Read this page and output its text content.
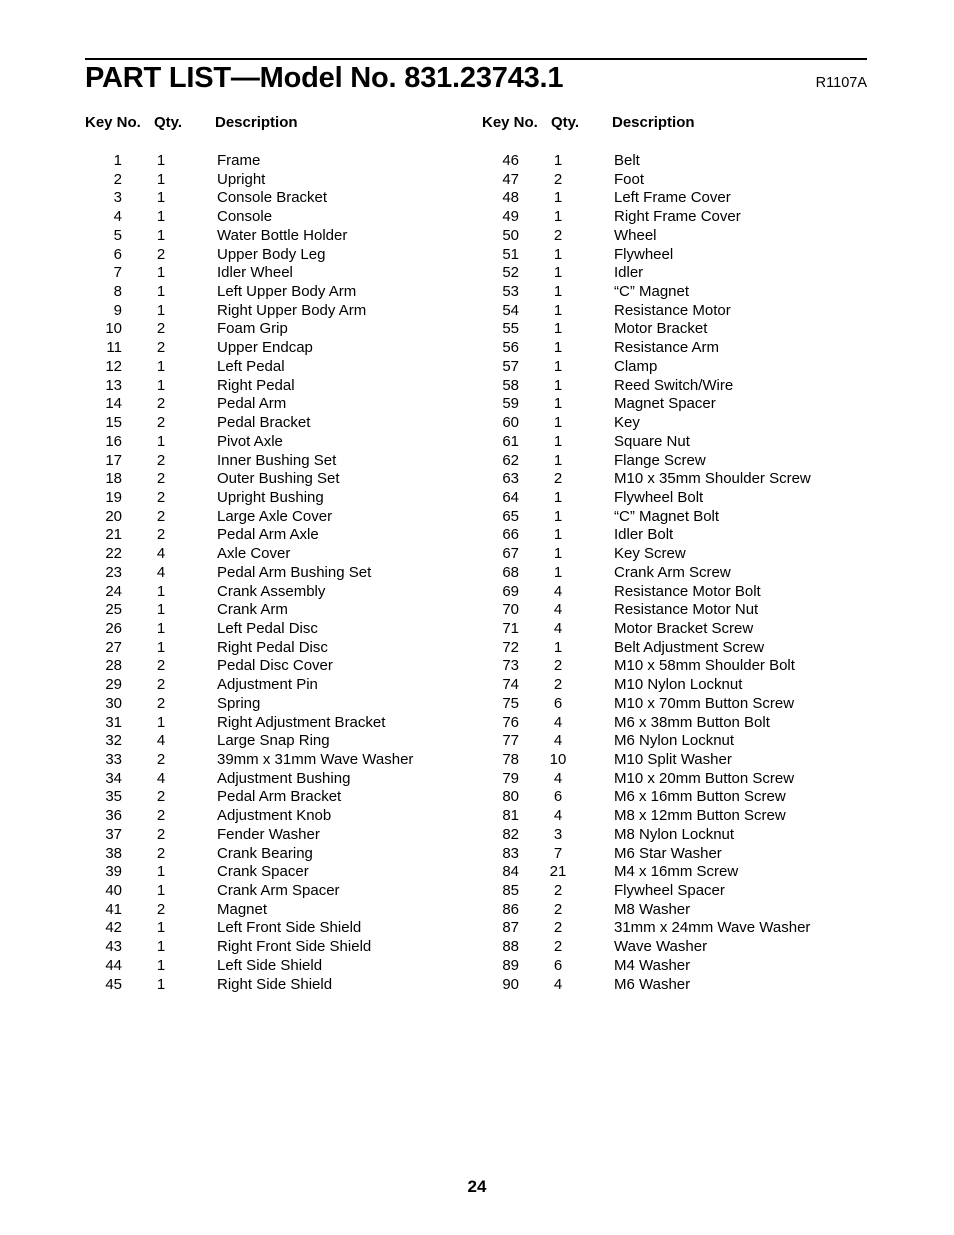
PART LIST—Model No. 831.23743.1	R1107A
Key No. Qty. Description
1	1	Frame
2	1	Upright
3	1	Console Bracket
4	1	Console
5	1	Water Bottle Holder
6	2	Upper Body Leg
7	1	Idler Wheel
8	1	Left Upper Body Arm
9	1	Right Upper Body Arm
10	2	Foam Grip
11	2	Upper Endcap
12	1	Left Pedal
13	1	Right Pedal
14	2	Pedal Arm
15	2	Pedal Bracket
16	1	Pivot Axle
17	2	Inner Bushing Set
18	2	Outer Bushing Set
19	2	Upright Bushing
20	2	Large Axle Cover
21	2	Pedal Arm Axle
22	4	Axle Cover
23	4	Pedal Arm Bushing Set
24	1	Crank Assembly
25	1	Crank Arm
26	1	Left Pedal Disc
27	1	Right Pedal Disc
28	2	Pedal Disc Cover
29	2	Adjustment Pin
30	2	Spring
31	1	Right Adjustment Bracket
32	4	Large Snap Ring
33	2	39mm x 31mm Wave Washer
34	4	Adjustment Bushing
35	2	Pedal Arm Bracket
36	2	Adjustment Knob
37	2	Fender Washer
38	2	Crank Bearing
39	1	Crank Spacer
40	1	Crank Arm Spacer
41	2	Magnet
42	1	Left Front Side Shield
43	1	Right Front Side Shield
44	1	Left Side Shield
45	1	Right Side Shield
Key No. Qty. Description
46	1	Belt
47	2	Foot
48	1	Left Frame Cover
49	1	Right Frame Cover
50	2	Wheel
51	1	Flywheel
52	1	Idler
53	1	“C” Magnet
54	1	Resistance Motor
55	1	Motor Bracket
56	1	Resistance Arm
57	1	Clamp
58	1	Reed Switch/Wire
59	1	Magnet Spacer
60	1	Key
61	1	Square Nut
62	1	Flange Screw
63	2	M10 x 35mm Shoulder Screw
64	1	Flywheel Bolt
65	1	“C” Magnet Bolt
66	1	Idler Bolt
67	1	Key Screw
68	1	Crank Arm Screw
69	4	Resistance Motor Bolt
70	4	Resistance Motor Nut
71	4	Motor Bracket Screw
72	1	Belt Adjustment Screw
73	2	M10 x 58mm Shoulder Bolt
74	2	M10 Nylon Locknut
75	6	M10 x 70mm Button Screw
76	4	M6 x 38mm Button Bolt
77	4	M6 Nylon Locknut
78	10	M10 Split Washer
79	4	M10 x 20mm Button Screw
80	6	M6 x 16mm Button Screw
81	4	M8 x 12mm Button Screw
82	3	M8 Nylon Locknut
83	7	M6 Star Washer
84	21	M4 x 16mm Screw
85	2	Flywheel Spacer
86	2	M8 Washer
87	2	31mm x 24mm Wave Washer
88	2	Wave Washer
89	6	M4 Washer
90	4	M6 Washer
24
